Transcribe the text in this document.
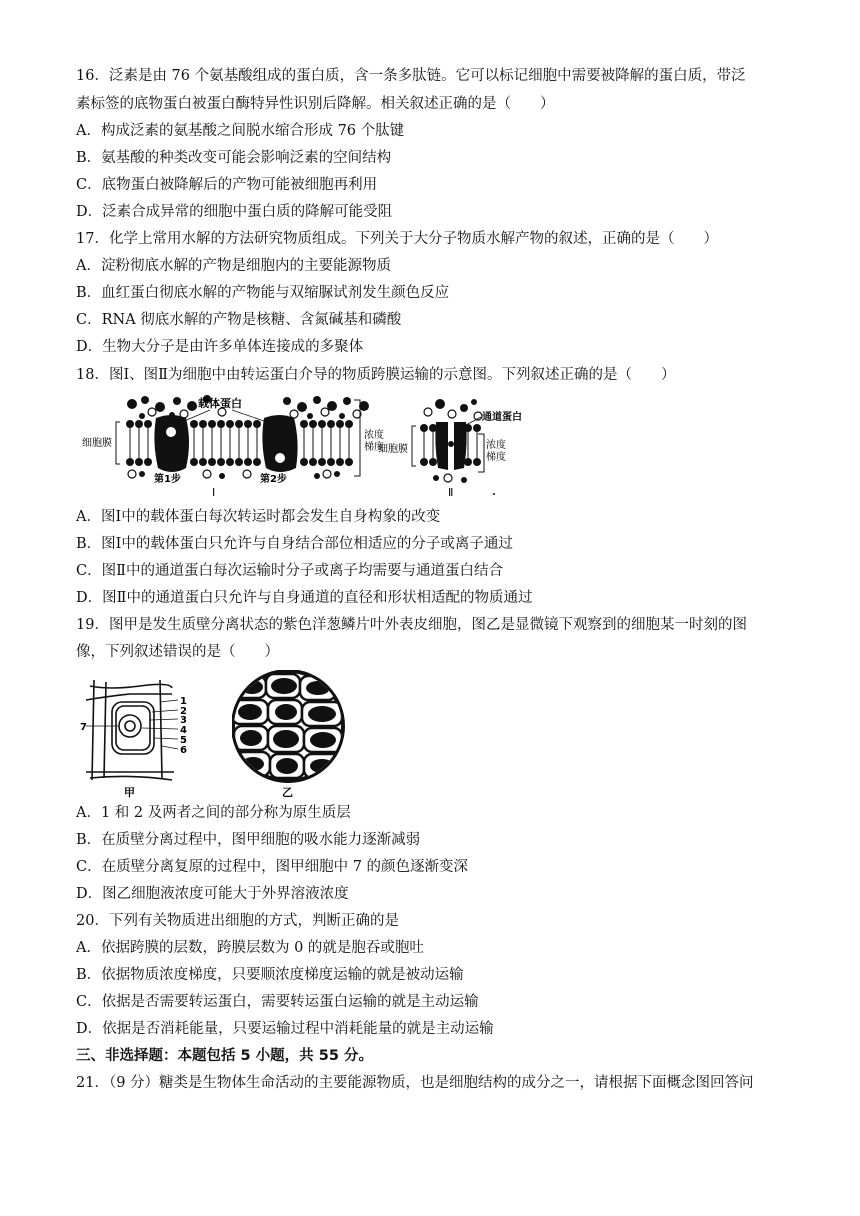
16．泛素是由 76 个氨基酸组成的蛋白质，含一条多肽链。它可以标记细胞中需要被降解的蛋白质，带泛
素标签的底物蛋白被蛋白酶特异性识别后降解。相关叙述正确的是（　　）
A．构成泛素的氨基酸之间脱水缩合形成 76 个肽键
B．氨基酸的种类改变可能会影响泛素的空间结构
C．底物蛋白被降解后的产物可能被细胞再利用
D．泛素合成异常的细胞中蛋白质的降解可能受阻
17．化学上常用水解的方法研究物质组成。下列关于大分子物质水解产物的叙述，正确的是（　　）
A．淀粉彻底水解的产物是细胞内的主要能源物质
B．血红蛋白彻底水解的产物能与双缩脲试剂发生颜色反应
C．RNA 彻底水解的产物是核糖、含氮碱基和磷酸
D．生物大分子是由许多单体连接成的多聚体
18．图Ⅰ、图Ⅱ为细胞中由转运蛋白介导的物质跨膜运输的示意图。下列叙述正确的是（　　）
载体蛋白
细胞膜
浓度
梯度
第1步	第2步
Ⅰ
通道蛋白
细胞膜	浓度
梯度
Ⅱ
A．图Ⅰ中的载体蛋白每次转运时都会发生自身构象的改变
B．图Ⅰ中的载体蛋白只允许与自身结合部位相适应的分子或离子通过
C．图Ⅱ中的通道蛋白每次运输时分子或离子均需要与通道蛋白结合
D．图Ⅱ中的通道蛋白只允许与自身通道的直径和形状相适配的物质通过
19．图甲是发生质壁分离状态的紫色洋葱鳞片叶外表皮细胞，图乙是显微镜下观察到的细胞某一时刻的图
像，下列叙述错误的是（　　）
1
2
3
4
5
6
7
甲	乙
A．1 和 2 及两者之间的部分称为原生质层
B．在质壁分离过程中，图甲细胞的吸水能力逐渐减弱
C．在质壁分离复原的过程中，图甲细胞中 7 的颜色逐渐变深
D．图乙细胞液浓度可能大于外界溶液浓度
20．下列有关物质进出细胞的方式，判断正确的是
A．依据跨膜的层数，跨膜层数为 0 的就是胞吞或胞吐
B．依据物质浓度梯度，只要顺浓度梯度运输的就是被动运输
C．依据是否需要转运蛋白，需要转运蛋白运输的就是主动运输
D．依据是否消耗能量，只要运输过程中消耗能量的就是主动运输
三、非选择题：本题包括 5 小题，共 55 分。
21．（9 分）糖类是生物体生命活动的主要能源物质，也是细胞结构的成分之一，请根据下面概念图回答问
